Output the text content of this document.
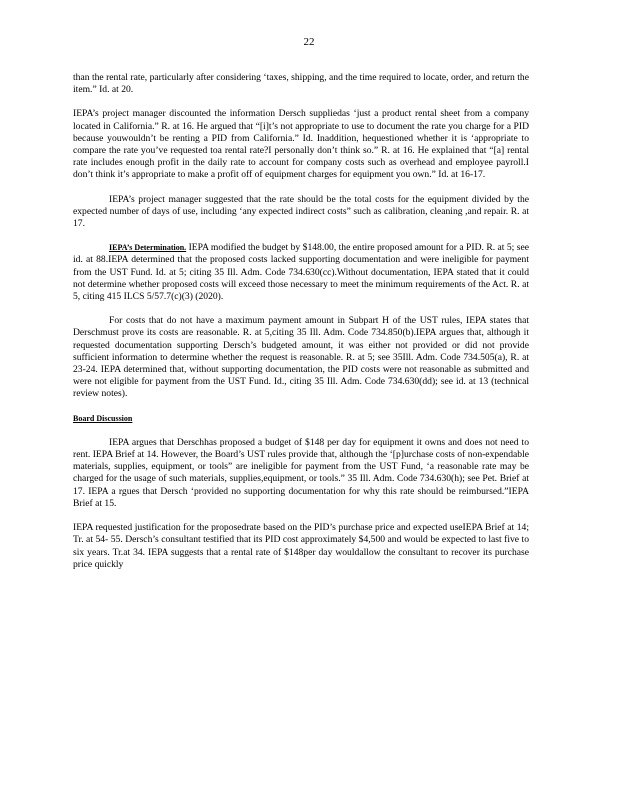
22

than the rental rate, particularly after considering ‘taxes, shipping, and the time required to locate, order, and return the item.” Id. at 20.

IEPA’s project manager discounted the information Dersch suppliedas ‘just a product rental sheet from a company located in California.” R. at 16. He argued that “[i]t’s not appropriate to use to document the rate you charge for a PID because youwouldn’t be renting a PID from California.” Id. Inaddition, hequestioned whether it is ‘appropriate to compare the rate you’ve requested toa rental rate?I personally don’t think so.” R. at 16. He explained that “[a] rental rate includes enough profit in the daily rate to account for company costs such as overhead and employee payroll.I don’t think it’s appropriate to make a profit off of equipment charges for equipment you own.” Id. at 16-17.

IEPA’s project manager suggested that the rate should be the total costs for the equipment divided by the expected number of days of use, including ‘any expected indirect costs” such as calibration, cleaning ,and repair. R. at 17.

IEPA’s Determination. IEPA modified the budget by $148.00, the entire proposed amount for a PID. R. at 5; see id. at 88.IEPA determined that the proposed costs lacked supporting documentation and were ineligible for payment from the UST Fund. Id. at 5; citing 35 Ill. Adm. Code 734.630(cc).Without documentation, IEPA stated that it could not determine whether proposed costs will exceed those necessary to meet the minimum requirements of the Act. R. at 5, citing 415 ILCS 5/57.7(c)(3) (2020).

For costs that do not have a maximum payment amount in Subpart H of the UST rules, IEPA states that Derschmust prove its costs are reasonable. R. at 5,citing 35 Ill. Adm. Code 734.850(b).IEPA argues that, although it requested documentation supporting Dersch’s budgeted amount, it was either not provided or did not provide sufficient information to determine whether the request is reasonable. R. at 5; see 35Ill. Adm. Code 734.505(a), R. at 23-24. IEPA determined that, without supporting documentation, the PID costs were not reasonable as submitted and were not eligible for payment from the UST Fund. Id., citing 35 Ill. Adm. Code 734.630(dd); see id. at 13 (technical review notes).

Board Discussion

IEPA argues that Derschhas proposed a budget of $148 per day for equipment it owns and does not need to rent. IEPA Brief at 14. However, the Board’s UST rules provide that, although the ‘[p]urchase costs of non-expendable materials, supplies, equipment, or tools” are ineligible for payment from the UST Fund, ‘a reasonable rate may be charged for the usage of such materials, supplies,equipment, or tools.” 35 Ill. Adm. Code 734.630(h); see Pet. Brief at 17. IEPA a rgues that Dersch ‘provided no supporting documentation for why this rate should be reimbursed.”IEPA Brief at 15.

IEPA requested justification for the proposedrate based on the PID’s purchase price and expected useIEPA Brief at 14; Tr. at 54- 55. Dersch’s consultant testified that its PID cost approximately $4,500 and would be expected to last five to six years. Tr.at 34. IEPA suggests that a rental rate of $148per day wouldallow the consultant to recover its purchase price quickly
